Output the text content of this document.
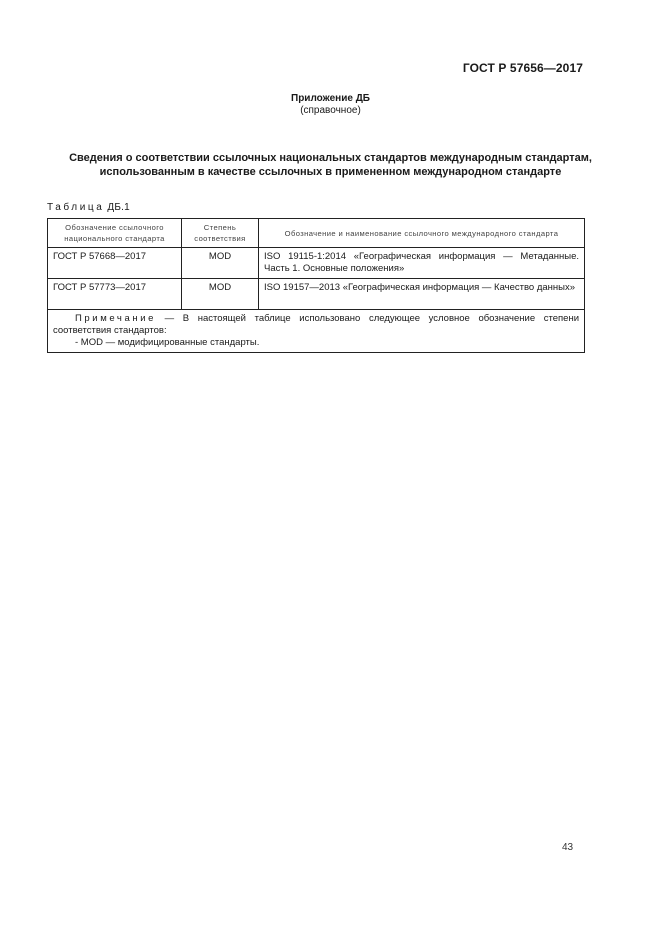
ГОСТ Р 57656—2017
Приложение ДБ
(справочное)
Сведения о соответствии ссылочных национальных стандартов международным стандартам,
использованным в качестве ссылочных в примененном международном стандарте
Таблица ДБ.1
Обозначение ссылочного национального стандарта	Степень соответствия	Обозначение и наименование ссылочного международного стандарта
ГОСТ Р 57668—2017	MOD	ISO 19115-1:2014 «Географическая информация — Метаданные. Часть 1. Основные положения»
ГОСТ Р 57773—2017	MOD	ISO 19157—2013 «Географическая информация — Качество данных»

Примечание — В настоящей таблице использовано следующее условное обозначение степени соответствия стандартов:
- MOD — модифицированные стандарты.		
43
